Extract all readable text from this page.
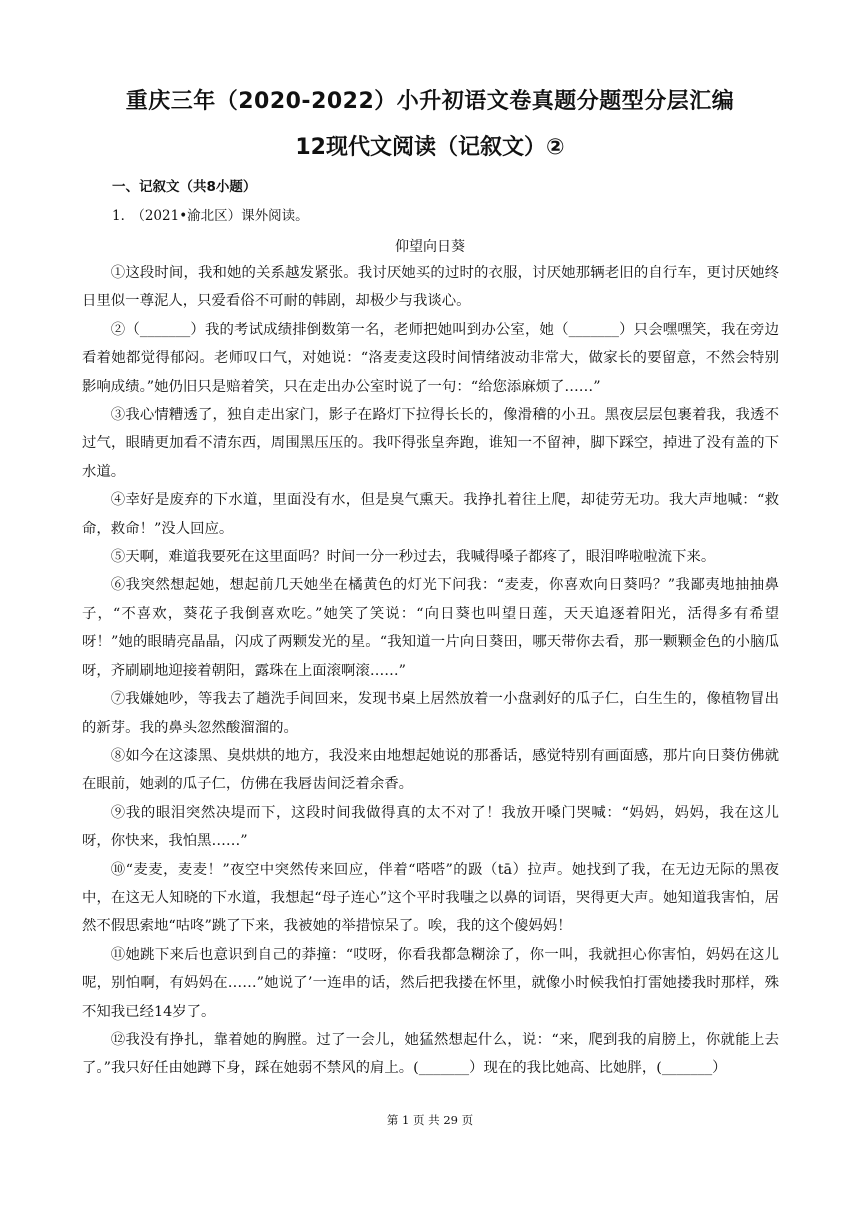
重庆三年（2020-2022）小升初语文卷真题分题型分层汇编
12现代文阅读（记叙文）②
一、记叙文（共8小题）
1． （2021•渝北区）课外阅读。
仰望向日葵

①这段时间，我和她的关系越发紧张。我讨厌她买的过时的衣服，讨厌她那辆老旧的自行车，更讨厌她终日里似一尊泥人，只爱看俗不可耐的韩剧，却极少与我谈心。

②（_______）我的考试成绩排倒数第一名，老师把她叫到办公室，她（_______）只会嘿嘿笑，我在旁边看着她都觉得郁闷。老师叹口气，对她说：“洛麦麦这段时间情绪波动非常大，做家长的要留意，不然会特别影响成绩。”她仍旧只是赔着笑，只在走出办公室时说了一句：“给您添麻烦了……”

③我心情糟透了，独自走出家门，影子在路灯下拉得长长的，像滑稽的小丑。黑夜层层包裹着我，我透不过气，眼睛更加看不清东西，周围黑压压的。我吓得张皇奔跑，谁知一不留神，脚下踩空，掉进了没有盖的下水道。

④幸好是废弃的下水道，里面没有水，但是臭气熏天。我挣扎着往上爬，却徒劳无功。我大声地喊：“救命，救命！”没人回应。

⑤天啊，难道我要死在这里面吗？时间一分一秒过去，我喊得嗓子都疼了，眼泪哗啦啦流下来。

⑥我突然想起她，想起前几天她坐在橘黄色的灯光下问我：“麦麦，你喜欢向日葵吗？”我鄙夷地抽抽鼻子，“不喜欢，葵花子我倒喜欢吃。”她笑了笑说：“向日葵也叫望日莲，天天追逐着阳光，活得多有希望呀！”她的眼睛亮晶晶，闪成了两颗发光的星。“我知道一片向日葵田，哪天带你去看，那一颗颗金色的小脑瓜呀，齐刷刷地迎接着朝阳，露珠在上面滚啊滚……”

⑦我嫌她吵，等我去了趟洗手间回来，发现书桌上居然放着一小盘剥好的瓜子仁，白生生的，像植物冒出的新芽。我的鼻头忽然酸溜溜的。

⑧如今在这漆黑、臭烘烘的地方，我没来由地想起她说的那番话，感觉特别有画面感，那片向日葵仿佛就在眼前，她剥的瓜子仁，仿佛在我唇齿间泛着余香。

⑨我的眼泪突然决堤而下，这段时间我做得真的太不对了！我放开嗓门哭喊：“妈妈，妈妈，我在这儿呀，你快来，我怕黑……”

⑩“麦麦，麦麦！”夜空中突然传来回应，伴着“嗒嗒”的趿（tā）拉声。她找到了我，在无边无际的黑夜中，在这无人知晓的下水道，我想起“母子连心”这个平时我嗤之以鼻的词语，哭得更大声。她知道我害怕，居然不假思索地“咕咚”跳了下来，我被她的举措惊呆了。唉，我的这个傻妈妈！

⑪她跳下来后也意识到自己的莽撞：“哎呀，你看我都急糊涂了，你一叫，我就担心你害怕，妈妈在这儿呢，别怕啊，有妈妈在……”她说了’一连串的话，然后把我搂在怀里，就像小时候我怕打雷她搂我时那样，殊不知我已经14岁了。

⑫我没有挣扎，靠着她的胸膛。过了一会儿，她猛然想起什么，说：“来，爬到我的肩膀上，你就能上去了。”我只好任由她蹲下身，踩在她弱不禁风的肩上。(_______）现在的我比她高、比她胖，(_______）

第 1 页 共 29 页
